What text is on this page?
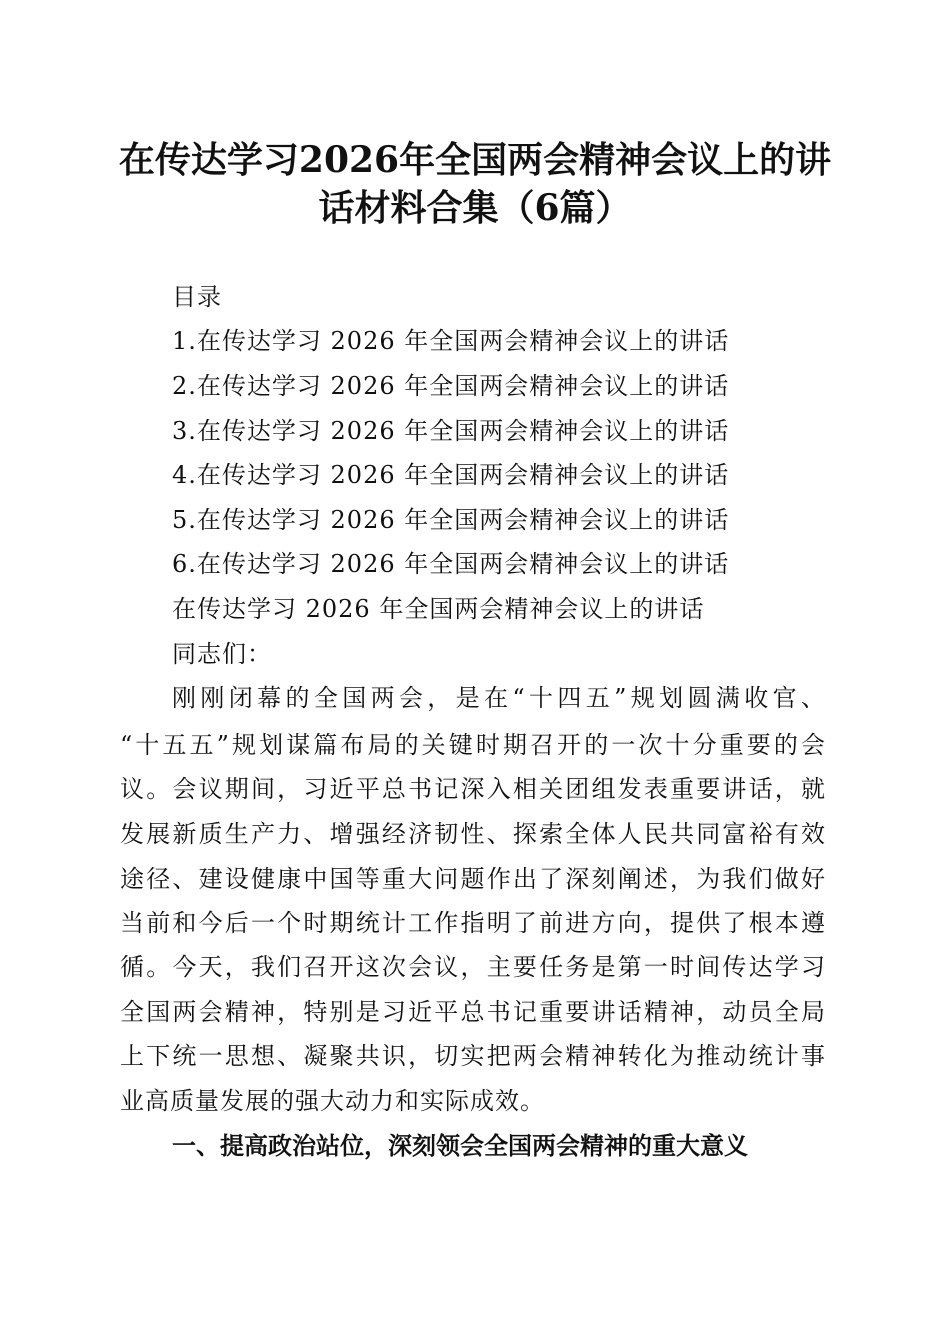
在传达学习2026年全国两会精神会议上的讲
话材料合集（6篇）

目录

1.在传达学习 2026 年全国两会精神会议上的讲话

2.在传达学习 2026 年全国两会精神会议上的讲话

3.在传达学习 2026 年全国两会精神会议上的讲话

4.在传达学习 2026 年全国两会精神会议上的讲话

5.在传达学习 2026 年全国两会精神会议上的讲话

6.在传达学习 2026 年全国两会精神会议上的讲话

在传达学习 2026 年全国两会精神会议上的讲话

同志们：

刚刚闭幕的全国两会，是在“十四五”规划圆满收官、

“十五五”规划谋篇布局的关键时期召开的一次十分重要的会

议。会议期间，习近平总书记深入相关团组发表重要讲话，就

发展新质生产力、增强经济韧性、探索全体人民共同富裕有效

途径、建设健康中国等重大问题作出了深刻阐述，为我们做好

当前和今后一个时期统计工作指明了前进方向，提供了根本遵

循。今天，我们召开这次会议，主要任务是第一时间传达学习

全国两会精神，特别是习近平总书记重要讲话精神，动员全局

上下统一思想、凝聚共识，切实把两会精神转化为推动统计事

业高质量发展的强大动力和实际成效。

一、提高政治站位，深刻领会全国两会精神的重大意义
